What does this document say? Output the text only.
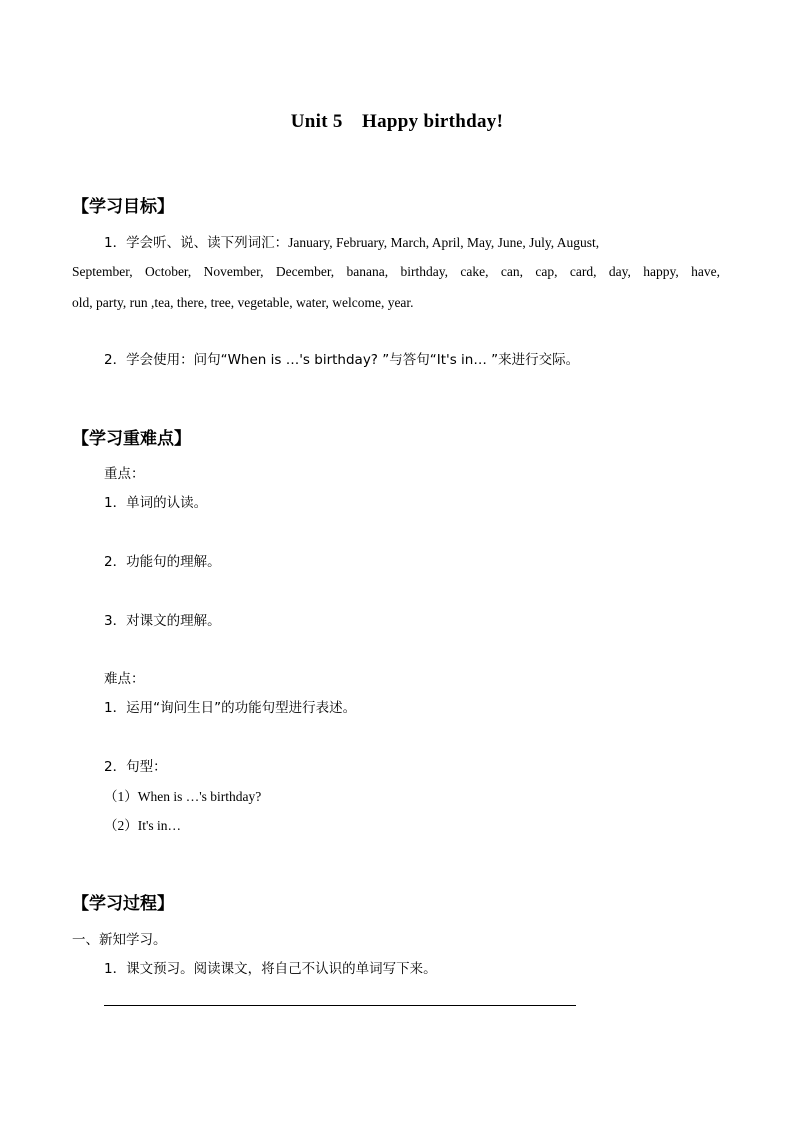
Unit 5　Happy birthday!
【学习目标】
1．学会听、说、读下列词汇：January, February, March, April, May, June, July, August,
September, October, November, December, banana, birthday, cake, can, cap, card, day, happy, have,
old, party, run ,tea, there, tree, vegetable, water, welcome, year.
2．学会使用：问句“When is …'s birthday? ”与答句“It's in… ”来进行交际。
【学习重难点】
重点：
1．单词的认读。
2．功能句的理解。
3．对课文的理解。
难点：
1．运用“询问生日”的功能句型进行表述。
2．句型：
（1）When is …'s birthday?
（2）It's in…
【学习过程】
一、新知学习。
1．课文预习。阅读课文，将自己不认识的单词写下来。
